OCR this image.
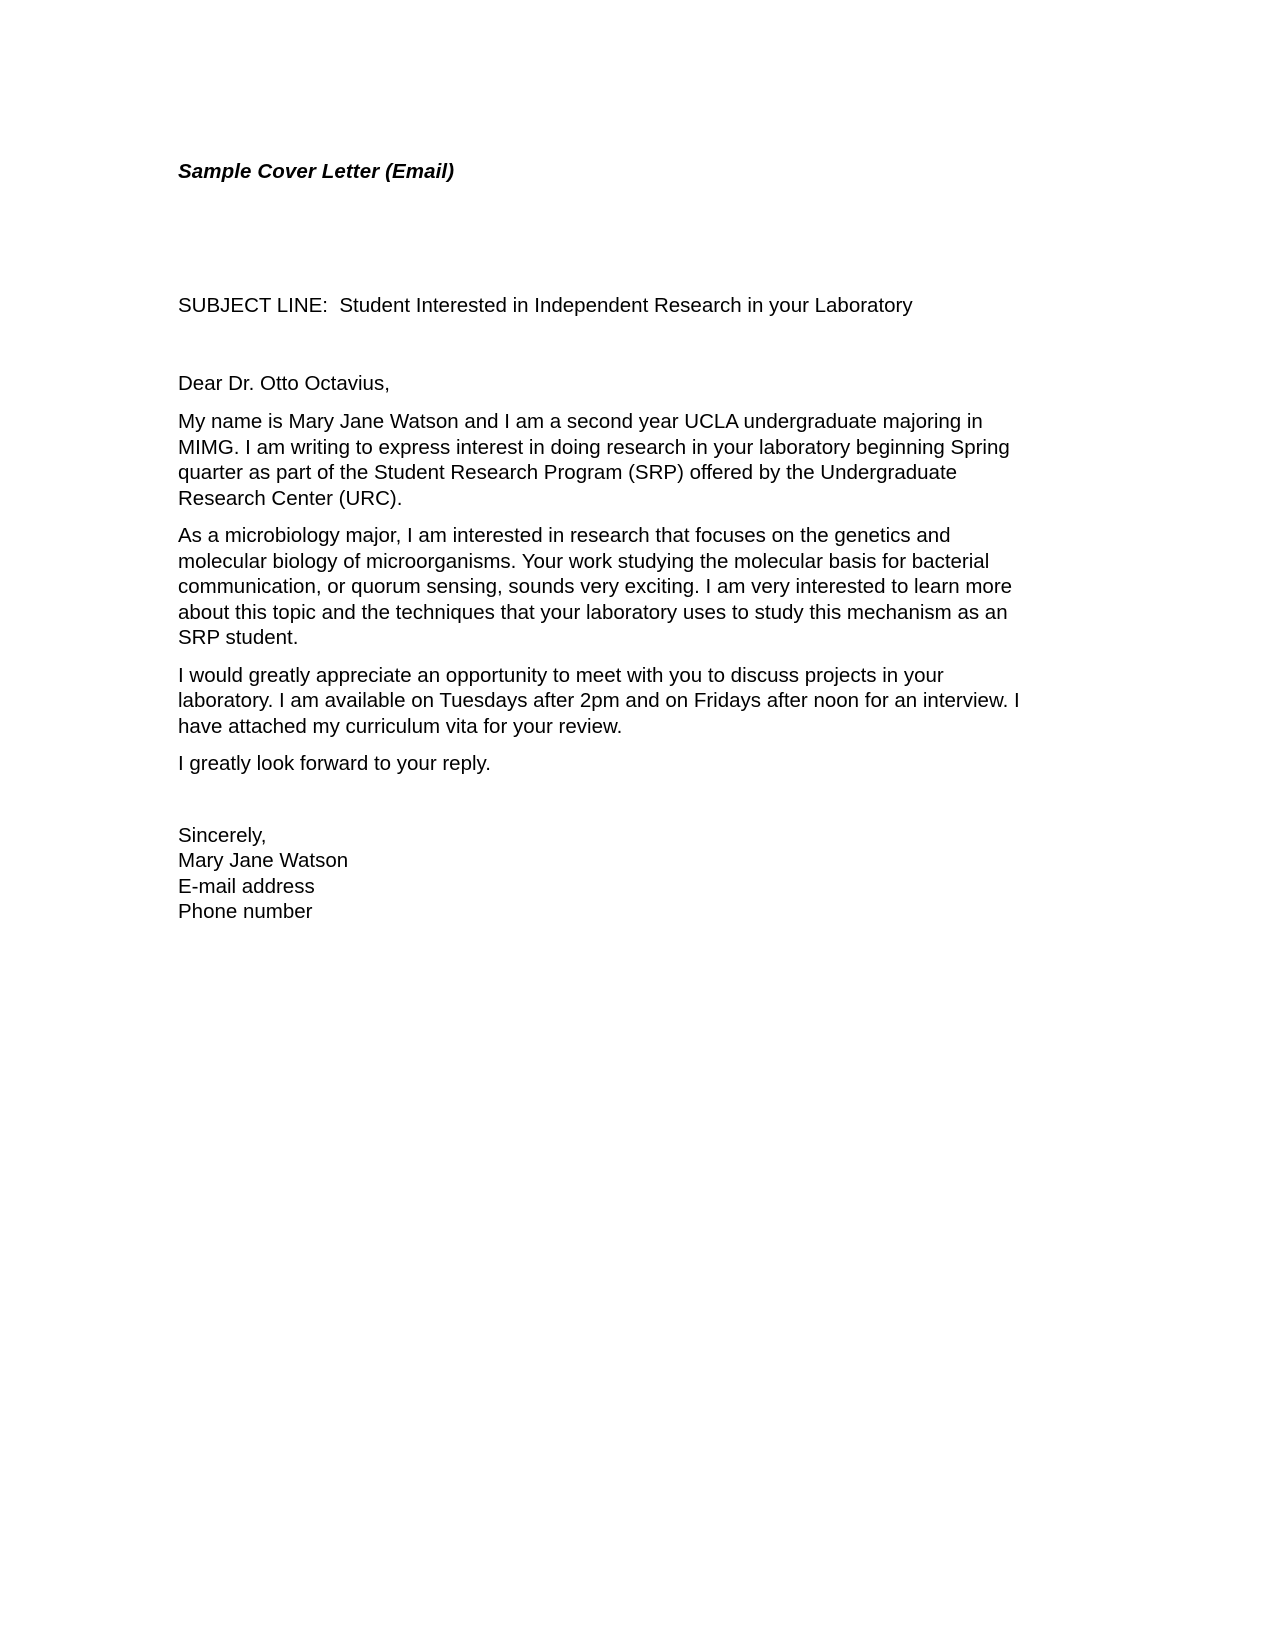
Sample Cover Letter (Email)
SUBJECT LINE:  Student Interested in Independent Research in your Laboratory
Dear Dr. Otto Octavius,
My name is Mary Jane Watson and I am a second year UCLA undergraduate majoring in MIMG. I am writing to express interest in doing research in your laboratory beginning Spring quarter as part of the Student Research Program (SRP) offered by the Undergraduate Research Center (URC).
As a microbiology major, I am interested in research that focuses on the genetics and molecular biology of microorganisms. Your work studying the molecular basis for bacterial communication, or quorum sensing, sounds very exciting. I am very interested to learn more about this topic and the techniques that your laboratory uses to study this mechanism as an SRP student.
I would greatly appreciate an opportunity to meet with you to discuss projects in your laboratory. I am available on Tuesdays after 2pm and on Fridays after noon for an interview. I have attached my curriculum vita for your review.
I greatly look forward to your reply.
Sincerely,
Mary Jane Watson
E-mail address
Phone number
